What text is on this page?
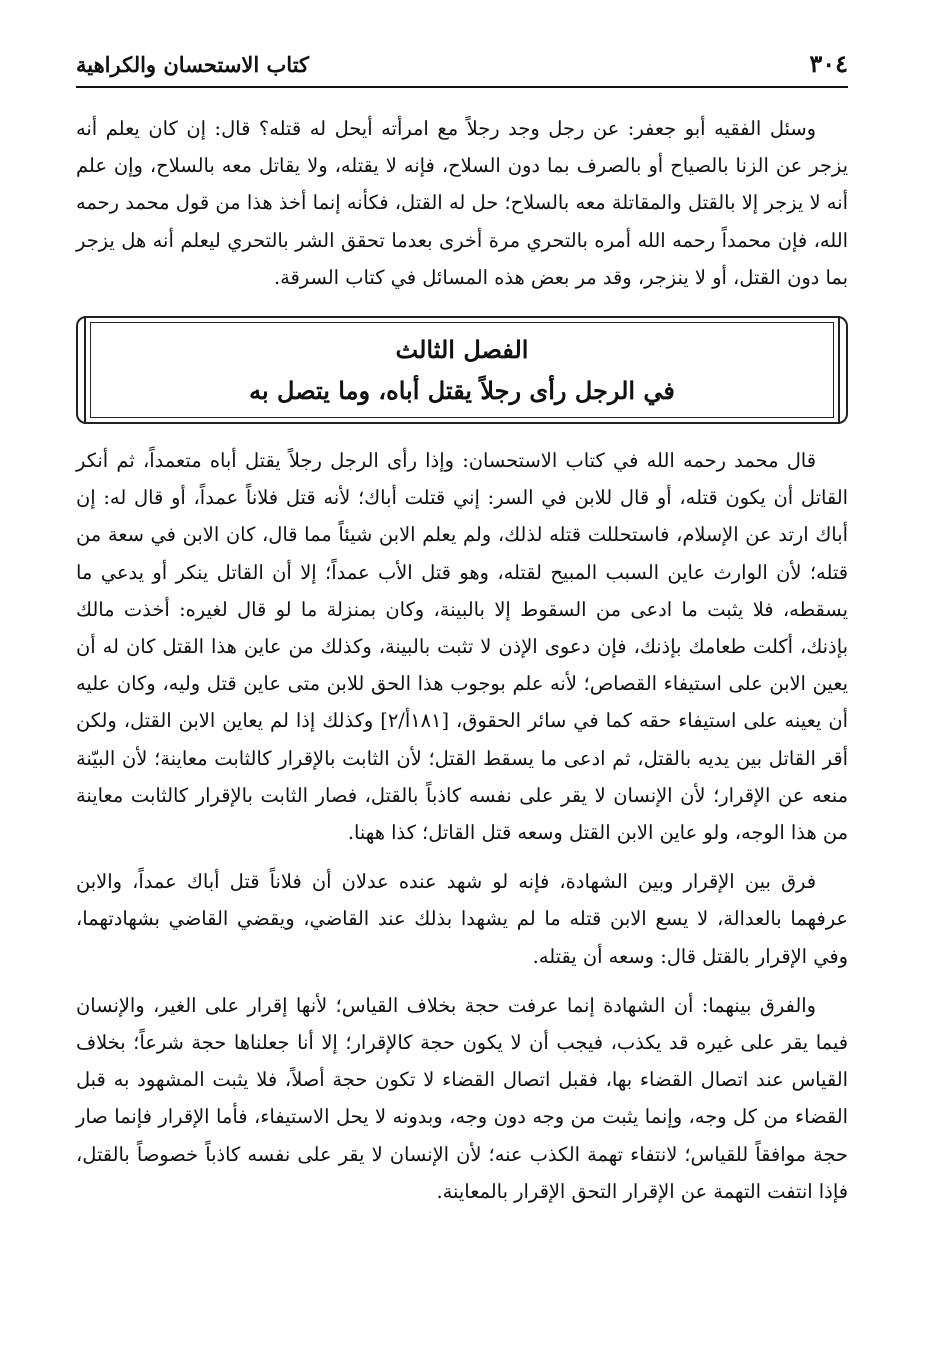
٣٠٤
كتاب الاستحسان والكراهية

وسئل الفقيه أبو جعفر: عن رجل وجد رجلاً مع امرأته أيحل له قتله؟ قال: إن كان يعلم أنه يزجر عن الزنا بالصياح أو بالصرف بما دون السلاح، فإنه لا يقتله، ولا يقاتل معه بالسلاح، وإن علم أنه لا يزجر إلا بالقتل والمقاتلة معه بالسلاح؛ حل له القتل، فكأنه إنما أخذ هذا من قول محمد رحمه الله، فإن محمداً رحمه الله أمره بالتحري مرة أخرى بعدما تحقق الشر بالتحري ليعلم أنه هل يزجر بما دون القتل، أو لا ينزجر، وقد مر بعض هذه المسائل في كتاب السرقة.

الفصل الثالث
في الرجل رأى رجلاً يقتل أباه، وما يتصل به

قال محمد رحمه الله في كتاب الاستحسان: وإذا رأى الرجل رجلاً يقتل أباه متعمداً، ثم أنكر القاتل أن يكون قتله، أو قال للابن في السر: إني قتلت أباك؛ لأنه قتل فلاناً عمداً، أو قال له: إن أباك ارتد عن الإسلام، فاستحللت قتله لذلك، ولم يعلم الابن شيئاً مما قال، كان الابن في سعة من قتله؛ لأن الوارث عاين السبب المبيح لقتله، وهو قتل الأب عمداً؛ إلا أن القاتل ينكر أو يدعي ما يسقطه، فلا يثبت ما ادعى من السقوط إلا بالبينة، وكان بمنزلة ما لو قال لغيره: أخذت مالك بإذنك، أكلت طعامك بإذنك، فإن دعوى الإذن لا تثبت بالبينة، وكذلك من عاين هذا القتل كان له أن يعين الابن على استيفاء القصاص؛ لأنه علم بوجوب هذا الحق للابن متى عاين قتل وليه، وكان عليه أن يعينه على استيفاء حقه كما في سائر الحقوق، [١٨١أ/٢] وكذلك إذا لم يعاين الابن القتل، ولكن أقر القاتل بين يديه بالقتل، ثم ادعى ما يسقط القتل؛ لأن الثابت بالإقرار كالثابت معاينة؛ لأن البيّنة منعه عن الإقرار؛ لأن الإنسان لا يقر على نفسه كاذباً بالقتل، فصار الثابت بالإقرار كالثابت معاينة من هذا الوجه، ولو عاين الابن القتل وسعه قتل القاتل؛ كذا ههنا.

فرق بين الإقرار وبين الشهادة، فإنه لو شهد عنده عدلان أن فلاناً قتل أباك عمداً، والابن عرفهما بالعدالة، لا يسع الابن قتله ما لم يشهدا بذلك عند القاضي، ويقضي القاضي بشهادتهما، وفي الإقرار بالقتل قال: وسعه أن يقتله.

والفرق بينهما: أن الشهادة إنما عرفت حجة بخلاف القياس؛ لأنها إقرار على الغير، والإنسان فيما يقر على غيره قد يكذب، فيجب أن لا يكون حجة كالإقرار؛ إلا أنا جعلناها حجة شرعاً؛ بخلاف القياس عند اتصال القضاء بها، فقبل اتصال القضاء لا تكون حجة أصلاً، فلا يثبت المشهود به قبل القضاء من كل وجه، وإنما يثبت من وجه دون وجه، وبدونه لا يحل الاستيفاء، فأما الإقرار فإنما صار حجة موافقاً للقياس؛ لانتفاء تهمة الكذب عنه؛ لأن الإنسان لا يقر على نفسه كاذباً خصوصاً بالقتل، فإذا انتفت التهمة عن الإقرار التحق الإقرار بالمعاينة.
